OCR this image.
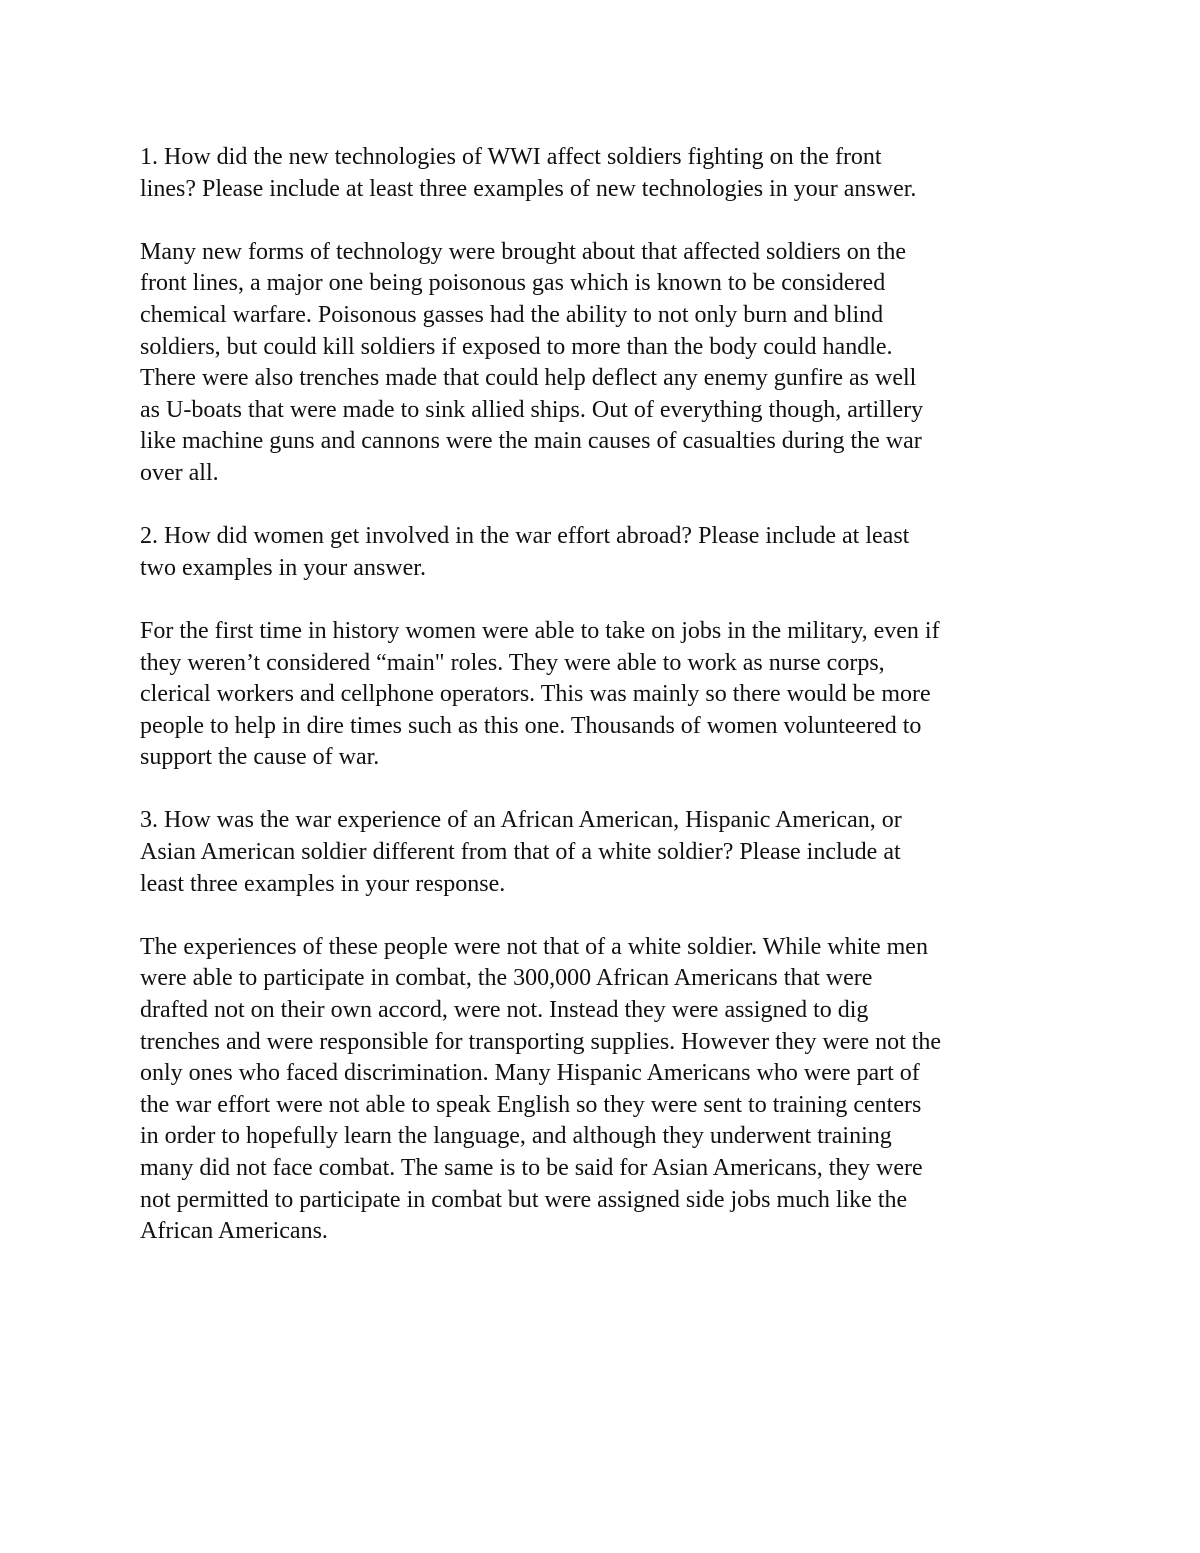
1. How did the new technologies of WWI affect soldiers fighting on the front
lines? Please include at least three examples of new technologies in your answer.

Many new forms of technology were brought about that affected soldiers on the
front lines, a major one being poisonous gas which is known to be considered
chemical warfare. Poisonous gasses had the ability to not only burn and blind
soldiers, but could kill soldiers if exposed to more than the body could handle.
There were also trenches made that could help deflect any enemy gunfire as well
as U-boats that were made to sink allied ships. Out of everything though, artillery
like machine guns and cannons were the main causes of casualties during the war
over all.

2. How did women get involved in the war effort abroad? Please include at least
two examples in your answer.

For the first time in history women were able to take on jobs in the military, even if
they weren’t considered “main" roles. They were able to work as nurse corps,
clerical workers and cellphone operators. This was mainly so there would be more
people to help in dire times such as this one. Thousands of women volunteered to
support the cause of war.

3. How was the war experience of an African American, Hispanic American, or
Asian American soldier different from that of a white soldier? Please include at
least three examples in your response.

The experiences of these people were not that of a white soldier. While white men
were able to participate in combat, the 300,000 African Americans that were
drafted not on their own accord, were not. Instead they were assigned to dig
trenches and were responsible for transporting supplies. However they were not the
only ones who faced discrimination. Many Hispanic Americans who were part of
the war effort were not able to speak English so they were sent to training centers
in order to hopefully learn the language, and although they underwent training
many did not face combat. The same is to be said for Asian Americans, they were
not permitted to participate in combat but were assigned side jobs much like the
African Americans.
